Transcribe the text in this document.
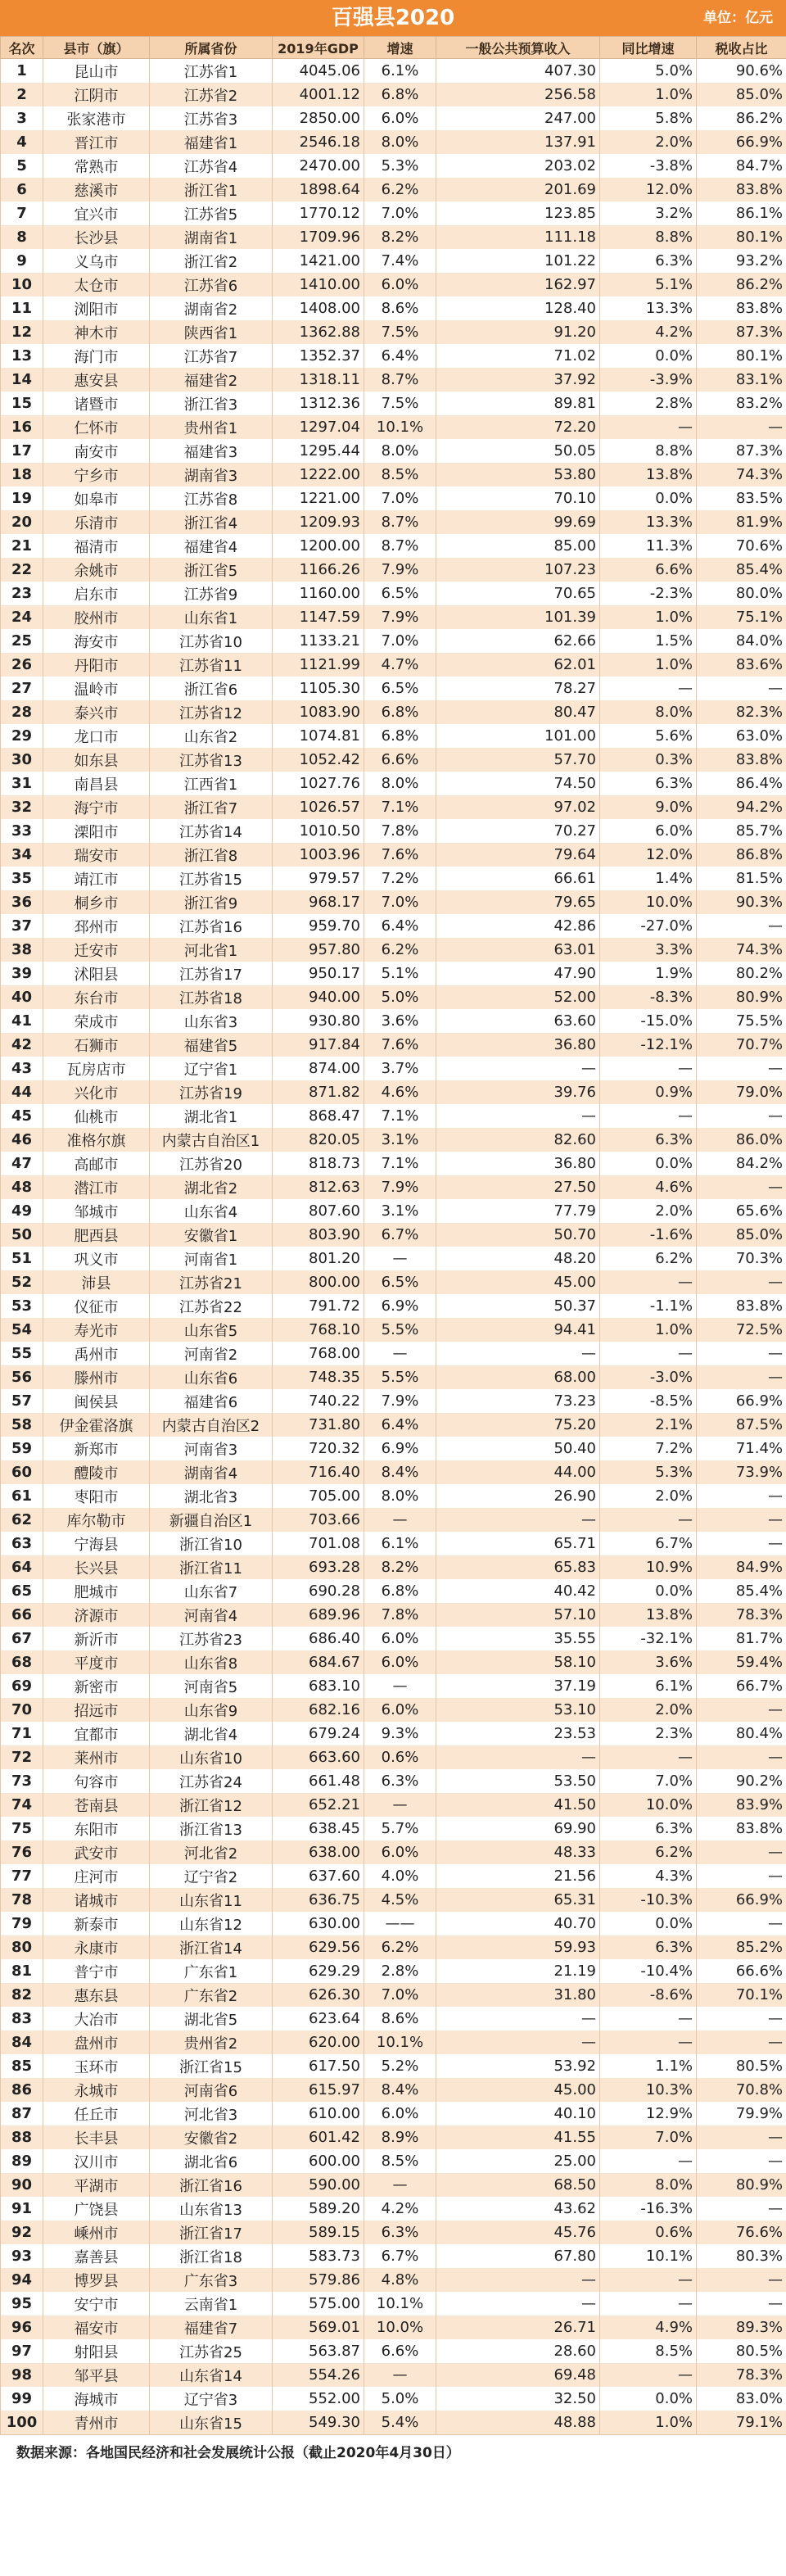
百强县2020	单位：亿元
名次	县市（旗）	所属省份	2019年GDP	增速	一般公共预算收入	同比增速	税收占比
1	昆山市	江苏省1	4045.06	6.1%	407.30	5.0%	90.6%
2	江阴市	江苏省2	4001.12	6.8%	256.58	1.0%	85.0%
3	张家港市	江苏省3	2850.00	6.0%	247.00	5.8%	86.2%
4	晋江市	福建省1	2546.18	8.0%	137.91	2.0%	66.9%
5	常熟市	江苏省4	2470.00	5.3%	203.02	-3.8%	84.7%
6	慈溪市	浙江省1	1898.64	6.2%	201.69	12.0%	83.8%
7	宜兴市	江苏省5	1770.12	7.0%	123.85	3.2%	86.1%
8	长沙县	湖南省1	1709.96	8.2%	111.18	8.8%	80.1%
9	义乌市	浙江省2	1421.00	7.4%	101.22	6.3%	93.2%
10	太仓市	江苏省6	1410.00	6.0%	162.97	5.1%	86.2%
11	浏阳市	湖南省2	1408.00	8.6%	128.40	13.3%	83.8%
12	神木市	陕西省1	1362.88	7.5%	91.20	4.2%	87.3%
13	海门市	江苏省7	1352.37	6.4%	71.02	0.0%	80.1%
14	惠安县	福建省2	1318.11	8.7%	37.92	-3.9%	83.1%
15	诸暨市	浙江省3	1312.36	7.5%	89.81	2.8%	83.2%
16	仁怀市	贵州省1	1297.04	10.1%	72.20	—	—
17	南安市	福建省3	1295.44	8.0%	50.05	8.8%	87.3%
18	宁乡市	湖南省3	1222.00	8.5%	53.80	13.8%	74.3%
19	如皋市	江苏省8	1221.00	7.0%	70.10	0.0%	83.5%
20	乐清市	浙江省4	1209.93	8.7%	99.69	13.3%	81.9%
21	福清市	福建省4	1200.00	8.7%	85.00	11.3%	70.6%
22	余姚市	浙江省5	1166.26	7.9%	107.23	6.6%	85.4%
23	启东市	江苏省9	1160.00	6.5%	70.65	-2.3%	80.0%
24	胶州市	山东省1	1147.59	7.9%	101.39	1.0%	75.1%
25	海安市	江苏省10	1133.21	7.0%	62.66	1.5%	84.0%
26	丹阳市	江苏省11	1121.99	4.7%	62.01	1.0%	83.6%
27	温岭市	浙江省6	1105.30	6.5%	78.27	—	—
28	泰兴市	江苏省12	1083.90	6.8%	80.47	8.0%	82.3%
29	龙口市	山东省2	1074.81	6.8%	101.00	5.6%	63.0%
30	如东县	江苏省13	1052.42	6.6%	57.70	0.3%	83.8%
31	南昌县	江西省1	1027.76	8.0%	74.50	6.3%	86.4%
32	海宁市	浙江省7	1026.57	7.1%	97.02	9.0%	94.2%
33	溧阳市	江苏省14	1010.50	7.8%	70.27	6.0%	85.7%
34	瑞安市	浙江省8	1003.96	7.6%	79.64	12.0%	86.8%
35	靖江市	江苏省15	979.57	7.2%	66.61	1.4%	81.5%
36	桐乡市	浙江省9	968.17	7.0%	79.65	10.0%	90.3%
37	邳州市	江苏省16	959.70	6.4%	42.86	-27.0%	—
38	迁安市	河北省1	957.80	6.2%	63.01	3.3%	74.3%
39	沭阳县	江苏省17	950.17	5.1%	47.90	1.9%	80.2%
40	东台市	江苏省18	940.00	5.0%	52.00	-8.3%	80.9%
41	荣成市	山东省3	930.80	3.6%	63.60	-15.0%	75.5%
42	石狮市	福建省5	917.84	7.6%	36.80	-12.1%	70.7%
43	瓦房店市	辽宁省1	874.00	3.7%	—	—	—
44	兴化市	江苏省19	871.82	4.6%	39.76	0.9%	79.0%
45	仙桃市	湖北省1	868.47	7.1%	—	—	—
46	准格尔旗	内蒙古自治区1	820.05	3.1%	82.60	6.3%	86.0%
47	高邮市	江苏省20	818.73	7.1%	36.80	0.0%	84.2%
48	潜江市	湖北省2	812.63	7.9%	27.50	4.6%	—
49	邹城市	山东省4	807.60	3.1%	77.79	2.0%	65.6%
50	肥西县	安徽省1	803.90	6.7%	50.70	-1.6%	85.0%
51	巩义市	河南省1	801.20	—	48.20	6.2%	70.3%
52	沛县	江苏省21	800.00	6.5%	45.00	—	—
53	仪征市	江苏省22	791.72	6.9%	50.37	-1.1%	83.8%
54	寿光市	山东省5	768.10	5.5%	94.41	1.0%	72.5%
55	禹州市	河南省2	768.00	—	—	—	—
56	滕州市	山东省6	748.35	5.5%	68.00	-3.0%	—
57	闽侯县	福建省6	740.22	7.9%	73.23	-8.5%	66.9%
58	伊金霍洛旗	内蒙古自治区2	731.80	6.4%	75.20	2.1%	87.5%
59	新郑市	河南省3	720.32	6.9%	50.40	7.2%	71.4%
60	醴陵市	湖南省4	716.40	8.4%	44.00	5.3%	73.9%
61	枣阳市	湖北省3	705.00	8.0%	26.90	2.0%	—
62	库尔勒市	新疆自治区1	703.66	—	—	—	—
63	宁海县	浙江省10	701.08	6.1%	65.71	6.7%	—
64	长兴县	浙江省11	693.28	8.2%	65.83	10.9%	84.9%
65	肥城市	山东省7	690.28	6.8%	40.42	0.0%	85.4%
66	济源市	河南省4	689.96	7.8%	57.10	13.8%	78.3%
67	新沂市	江苏省23	686.40	6.0%	35.55	-32.1%	81.7%
68	平度市	山东省8	684.67	6.0%	58.10	3.6%	59.4%
69	新密市	河南省5	683.10	—	37.19	6.1%	66.7%
70	招远市	山东省9	682.16	6.0%	53.10	2.0%	—
71	宜都市	湖北省4	679.24	9.3%	23.53	2.3%	80.4%
72	莱州市	山东省10	663.60	0.6%	—	—	—
73	句容市	江苏省24	661.48	6.3%	53.50	7.0%	90.2%
74	苍南县	浙江省12	652.21	—	41.50	10.0%	83.9%
75	东阳市	浙江省13	638.45	5.7%	69.90	6.3%	83.8%
76	武安市	河北省2	638.00	6.0%	48.33	6.2%	—
77	庄河市	辽宁省2	637.60	4.0%	21.56	4.3%	—
78	诸城市	山东省11	636.75	4.5%	65.31	-10.3%	66.9%
79	新泰市	山东省12	630.00	——	40.70	0.0%	—
80	永康市	浙江省14	629.56	6.2%	59.93	6.3%	85.2%
81	普宁市	广东省1	629.29	2.8%	21.19	-10.4%	66.6%
82	惠东县	广东省2	626.30	7.0%	31.80	-8.6%	70.1%
83	大冶市	湖北省5	623.64	8.6%	—	—	—
84	盘州市	贵州省2	620.00	10.1%	—	—	—
85	玉环市	浙江省15	617.50	5.2%	53.92	1.1%	80.5%
86	永城市	河南省6	615.97	8.4%	45.00	10.3%	70.8%
87	任丘市	河北省3	610.00	6.0%	40.10	12.9%	79.9%
88	长丰县	安徽省2	601.42	8.9%	41.55	7.0%	—
89	汉川市	湖北省6	600.00	8.5%	25.00	—	—
90	平湖市	浙江省16	590.00	—	68.50	8.0%	80.9%
91	广饶县	山东省13	589.20	4.2%	43.62	-16.3%	—
92	嵊州市	浙江省17	589.15	6.3%	45.76	0.6%	76.6%
93	嘉善县	浙江省18	583.73	6.7%	67.80	10.1%	80.3%
94	博罗县	广东省3	579.86	4.8%	—	—	—
95	安宁市	云南省1	575.00	10.1%	—	—	—
96	福安市	福建省7	569.01	10.0%	26.71	4.9%	89.3%
97	射阳县	江苏省25	563.87	6.6%	28.60	8.5%	80.5%
98	邹平县	山东省14	554.26	—	69.48	—	78.3%
99	海城市	辽宁省3	552.00	5.0%	32.50	0.0%	83.0%
100	青州市	山东省15	549.30	5.4%	48.88	1.0%	79.1%
数据来源：各地国民经济和社会发展统计公报（截止2020年4月30日）
